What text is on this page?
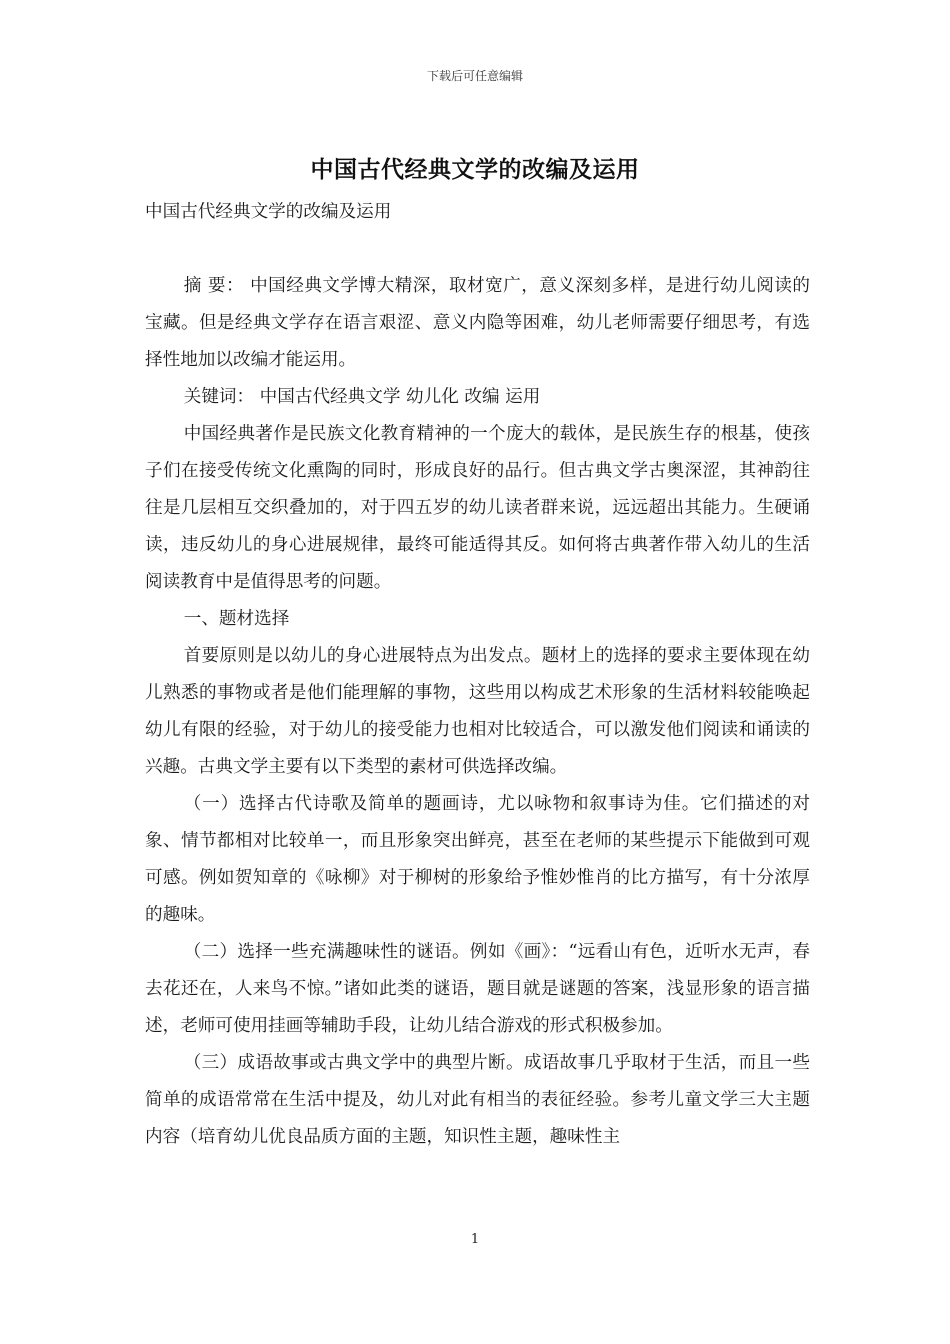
下载后可任意编辑
中国古代经典文学的改编及运用

中国古代经典文学的改编及运用

摘 要： 中国经典文学博大精深，取材宽广，意义深刻多样，是进行幼儿阅读的宝藏。但是经典文学存在语言艰涩、意义内隐等困难，幼儿老师需要仔细思考，有选择性地加以改编才能运用。

关键词： 中国古代经典文学 幼儿化 改编 运用

中国经典著作是民族文化教育精神的一个庞大的载体，是民族生存的根基，使孩子们在接受传统文化熏陶的同时，形成良好的品行。但古典文学古奥深涩，其神韵往往是几层相互交织叠加的，对于四五岁的幼儿读者群来说，远远超出其能力。生硬诵读，违反幼儿的身心进展规律，最终可能适得其反。如何将古典著作带入幼儿的生活阅读教育中是值得思考的问题。

一、题材选择

首要原则是以幼儿的身心进展特点为出发点。题材上的选择的要求主要体现在幼儿熟悉的事物或者是他们能理解的事物，这些用以构成艺术形象的生活材料较能唤起幼儿有限的经验，对于幼儿的接受能力也相对比较适合，可以激发他们阅读和诵读的兴趣。古典文学主要有以下类型的素材可供选择改编。

（一）选择古代诗歌及简单的题画诗，尤以咏物和叙事诗为佳。它们描述的对象、情节都相对比较单一，而且形象突出鲜亮，甚至在老师的某些提示下能做到可观可感。例如贺知章的《咏柳》对于柳树的形象给予惟妙惟肖的比方描写，有十分浓厚的趣味。

（二）选择一些充满趣味性的谜语。例如《画》：“远看山有色，近听水无声，春去花还在，人来鸟不惊。”诸如此类的谜语，题目就是谜题的答案，浅显形象的语言描述，老师可使用挂画等辅助手段，让幼儿结合游戏的形式积极参加。

（三）成语故事或古典文学中的典型片断。成语故事几乎取材于生活，而且一些简单的成语常常在生活中提及，幼儿对此有相当的表征经验。参考儿童文学三大主题内容（培育幼儿优良品质方面的主题，知识性主题，趣味性主

1
